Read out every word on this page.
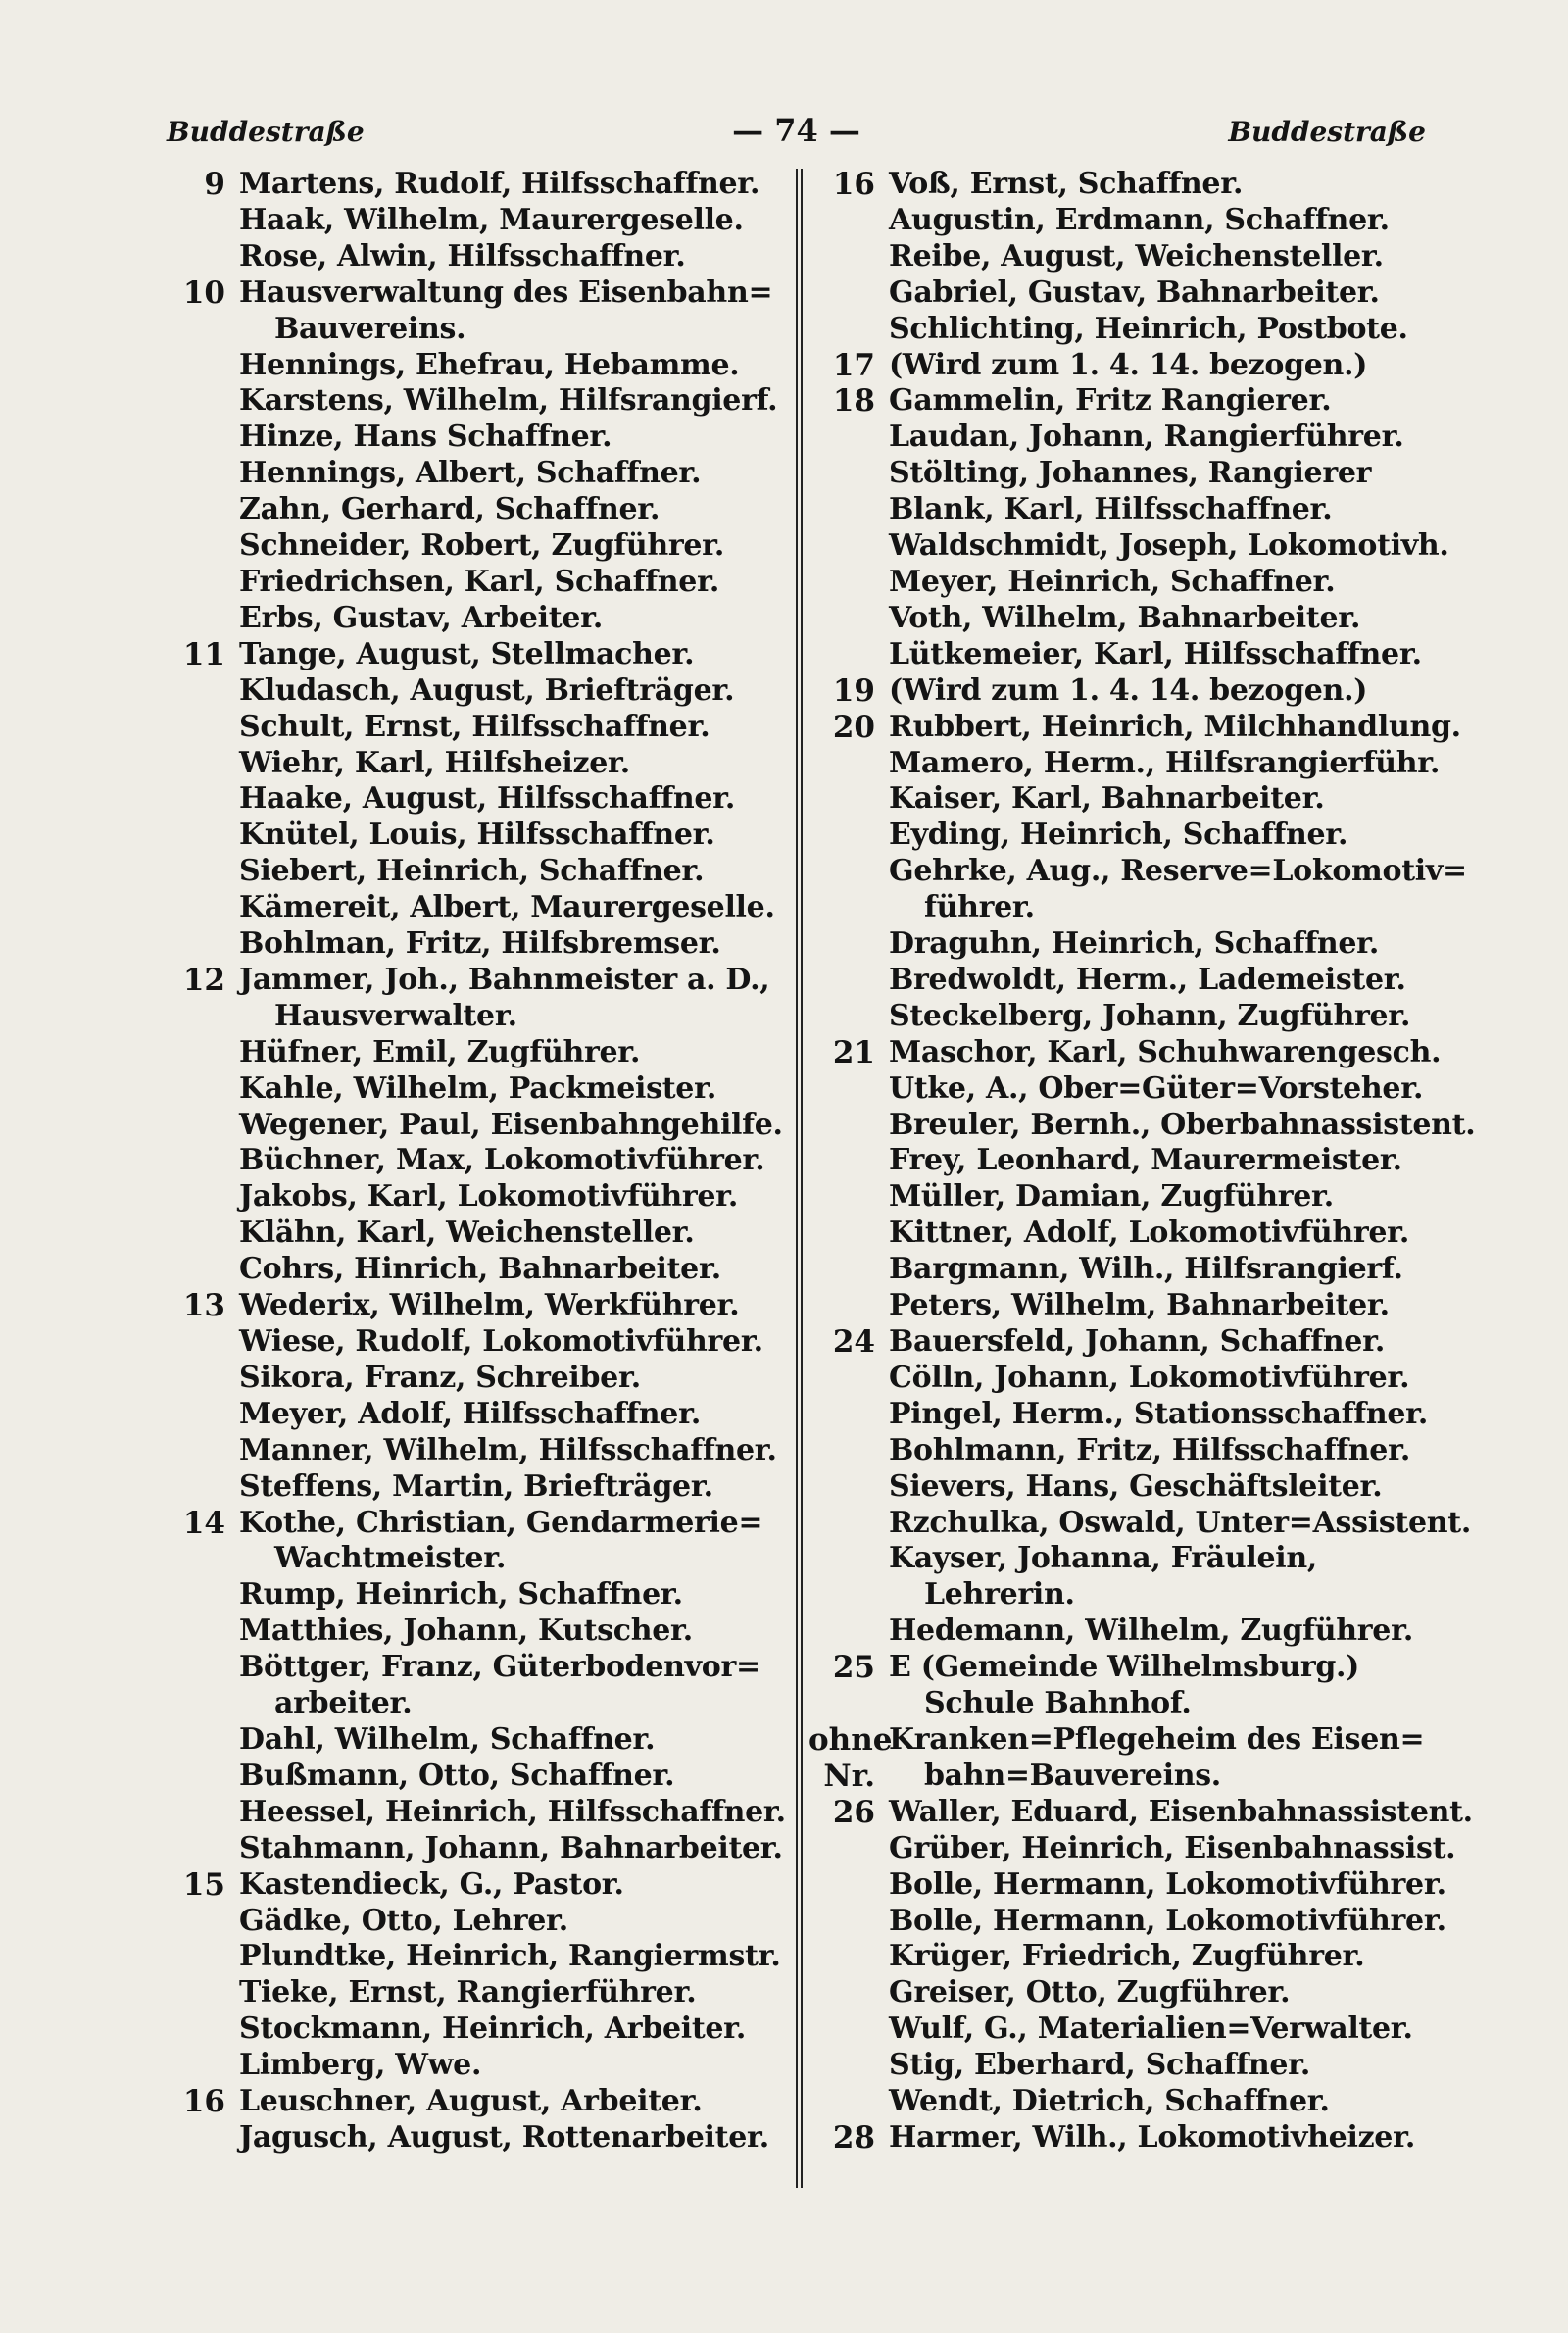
Buddestraße	— 74 —	Buddestraße
9 Martens, Rudolf, Hilfsschaffner.
Haak, Wilhelm, Maurergeselle.
Rose, Alwin, Hilfsschaffner.
10 Hausverwaltung des Eisenbahn=
Bauvereins.
Hennings, Ehefrau, Hebamme.
Karstens, Wilhelm, Hilfsrangierf.
Hinze, Hans Schaffner.
Hennings, Albert, Schaffner.
Zahn, Gerhard, Schaffner.
Schneider, Robert, Zugführer.
Friedrichsen, Karl, Schaffner.
Erbs, Gustav, Arbeiter.
11 Tange, August, Stellmacher.
Kludasch, August, Briefträger.
Schult, Ernst, Hilfsschaffner.
Wiehr, Karl, Hilfsheizer.
Haake, August, Hilfsschaffner.
Knütel, Louis, Hilfsschaffner.
Siebert, Heinrich, Schaffner.
Kämereit, Albert, Maurergeselle.
Bohlman, Fritz, Hilfsbremser.
12 Jammer, Joh., Bahnmeister a. D.,
Hausverwalter.
Hüfner, Emil, Zugführer.
Kahle, Wilhelm, Packmeister.
Wegener, Paul, Eisenbahngehilfe.
Büchner, Max, Lokomotivführer.
Jakobs, Karl, Lokomotivführer.
Klähn, Karl, Weichensteller.
Cohrs, Hinrich, Bahnarbeiter.
13 Wederix, Wilhelm, Werkführer.
Wiese, Rudolf, Lokomotivführer.
Sikora, Franz, Schreiber.
Meyer, Adolf, Hilfsschaffner.
Manner, Wilhelm, Hilfsschaffner.
Steffens, Martin, Briefträger.
14 Kothe, Christian, Gendarmerie=
Wachtmeister.
Rump, Heinrich, Schaffner.
Matthies, Johann, Kutscher.
Böttger, Franz, Güterbodenvor=
arbeiter.
Dahl, Wilhelm, Schaffner.
Bußmann, Otto, Schaffner.
Heessel, Heinrich, Hilfsschaffner.
Stahmann, Johann, Bahnarbeiter.
15 Kastendieck, G., Pastor.
Gädke, Otto, Lehrer.
Plundtke, Heinrich, Rangiermstr.
Tieke, Ernst, Rangierführer.
Stockmann, Heinrich, Arbeiter.
Limberg, Wwe.
16 Leuschner, August, Arbeiter.
Jagusch, August, Rottenarbeiter.
16 Voß, Ernst, Schaffner.
Augustin, Erdmann, Schaffner.
Reibe, August, Weichensteller.
Gabriel, Gustav, Bahnarbeiter.
Schlichting, Heinrich, Postbote.
17 (Wird zum 1. 4. 14. bezogen.)
18 Gammelin, Fritz Rangierer.
Laudan, Johann, Rangierführer.
Stölting, Johannes, Rangierer
Blank, Karl, Hilfsschaffner.
Waldschmidt, Joseph, Lokomotivh.
Meyer, Heinrich, Schaffner.
Voth, Wilhelm, Bahnarbeiter.
Lütkemeier, Karl, Hilfsschaffner.
19 (Wird zum 1. 4. 14. bezogen.)
20 Rubbert, Heinrich, Milchhandlung.
Mamero, Herm., Hilfsrangierführ.
Kaiser, Karl, Bahnarbeiter.
Eyding, Heinrich, Schaffner.
Gehrke, Aug., Reserve=Lokomotiv=
führer.
Draguhn, Heinrich, Schaffner.
Bredwoldt, Herm., Lademeister.
Steckelberg, Johann, Zugführer.
21 Maschor, Karl, Schuhwarengesch.
Utke, A., Ober=Güter=Vorsteher.
Breuler, Bernh., Oberbahnassistent.
Frey, Leonhard, Maurermeister.
Müller, Damian, Zugführer.
Kittner, Adolf, Lokomotivführer.
Bargmann, Wilh., Hilfsrangierf.
Peters, Wilhelm, Bahnarbeiter.
24 Bauersfeld, Johann, Schaffner.
Cölln, Johann, Lokomotivführer.
Pingel, Herm., Stationsschaffner.
Bohlmann, Fritz, Hilfsschaffner.
Sievers, Hans, Geschäftsleiter.
Rzchulka, Oswald, Unter=Assistent.
Kayser, Johanna, Fräulein,
Lehrerin.
Hedemann, Wilhelm, Zugführer.
25 E (Gemeinde Wilhelmsburg.)
Schule Bahnhof.
ohne Nr.
Kranken=Pflegeheim des Eisen=
bahn=Bauvereins.
26 Waller, Eduard, Eisenbahnassistent.
Grüber, Heinrich, Eisenbahnassist.
Bolle, Hermann, Lokomotivführer.
Bolle, Hermann, Lokomotivführer.
Krüger, Friedrich, Zugführer.
Greiser, Otto, Zugführer.
Wulf, G., Materialien=Verwalter.
Stig, Eberhard, Schaffner.
Wendt, Dietrich, Schaffner.
28 Harmer, Wilh., Lokomotivheizer.
